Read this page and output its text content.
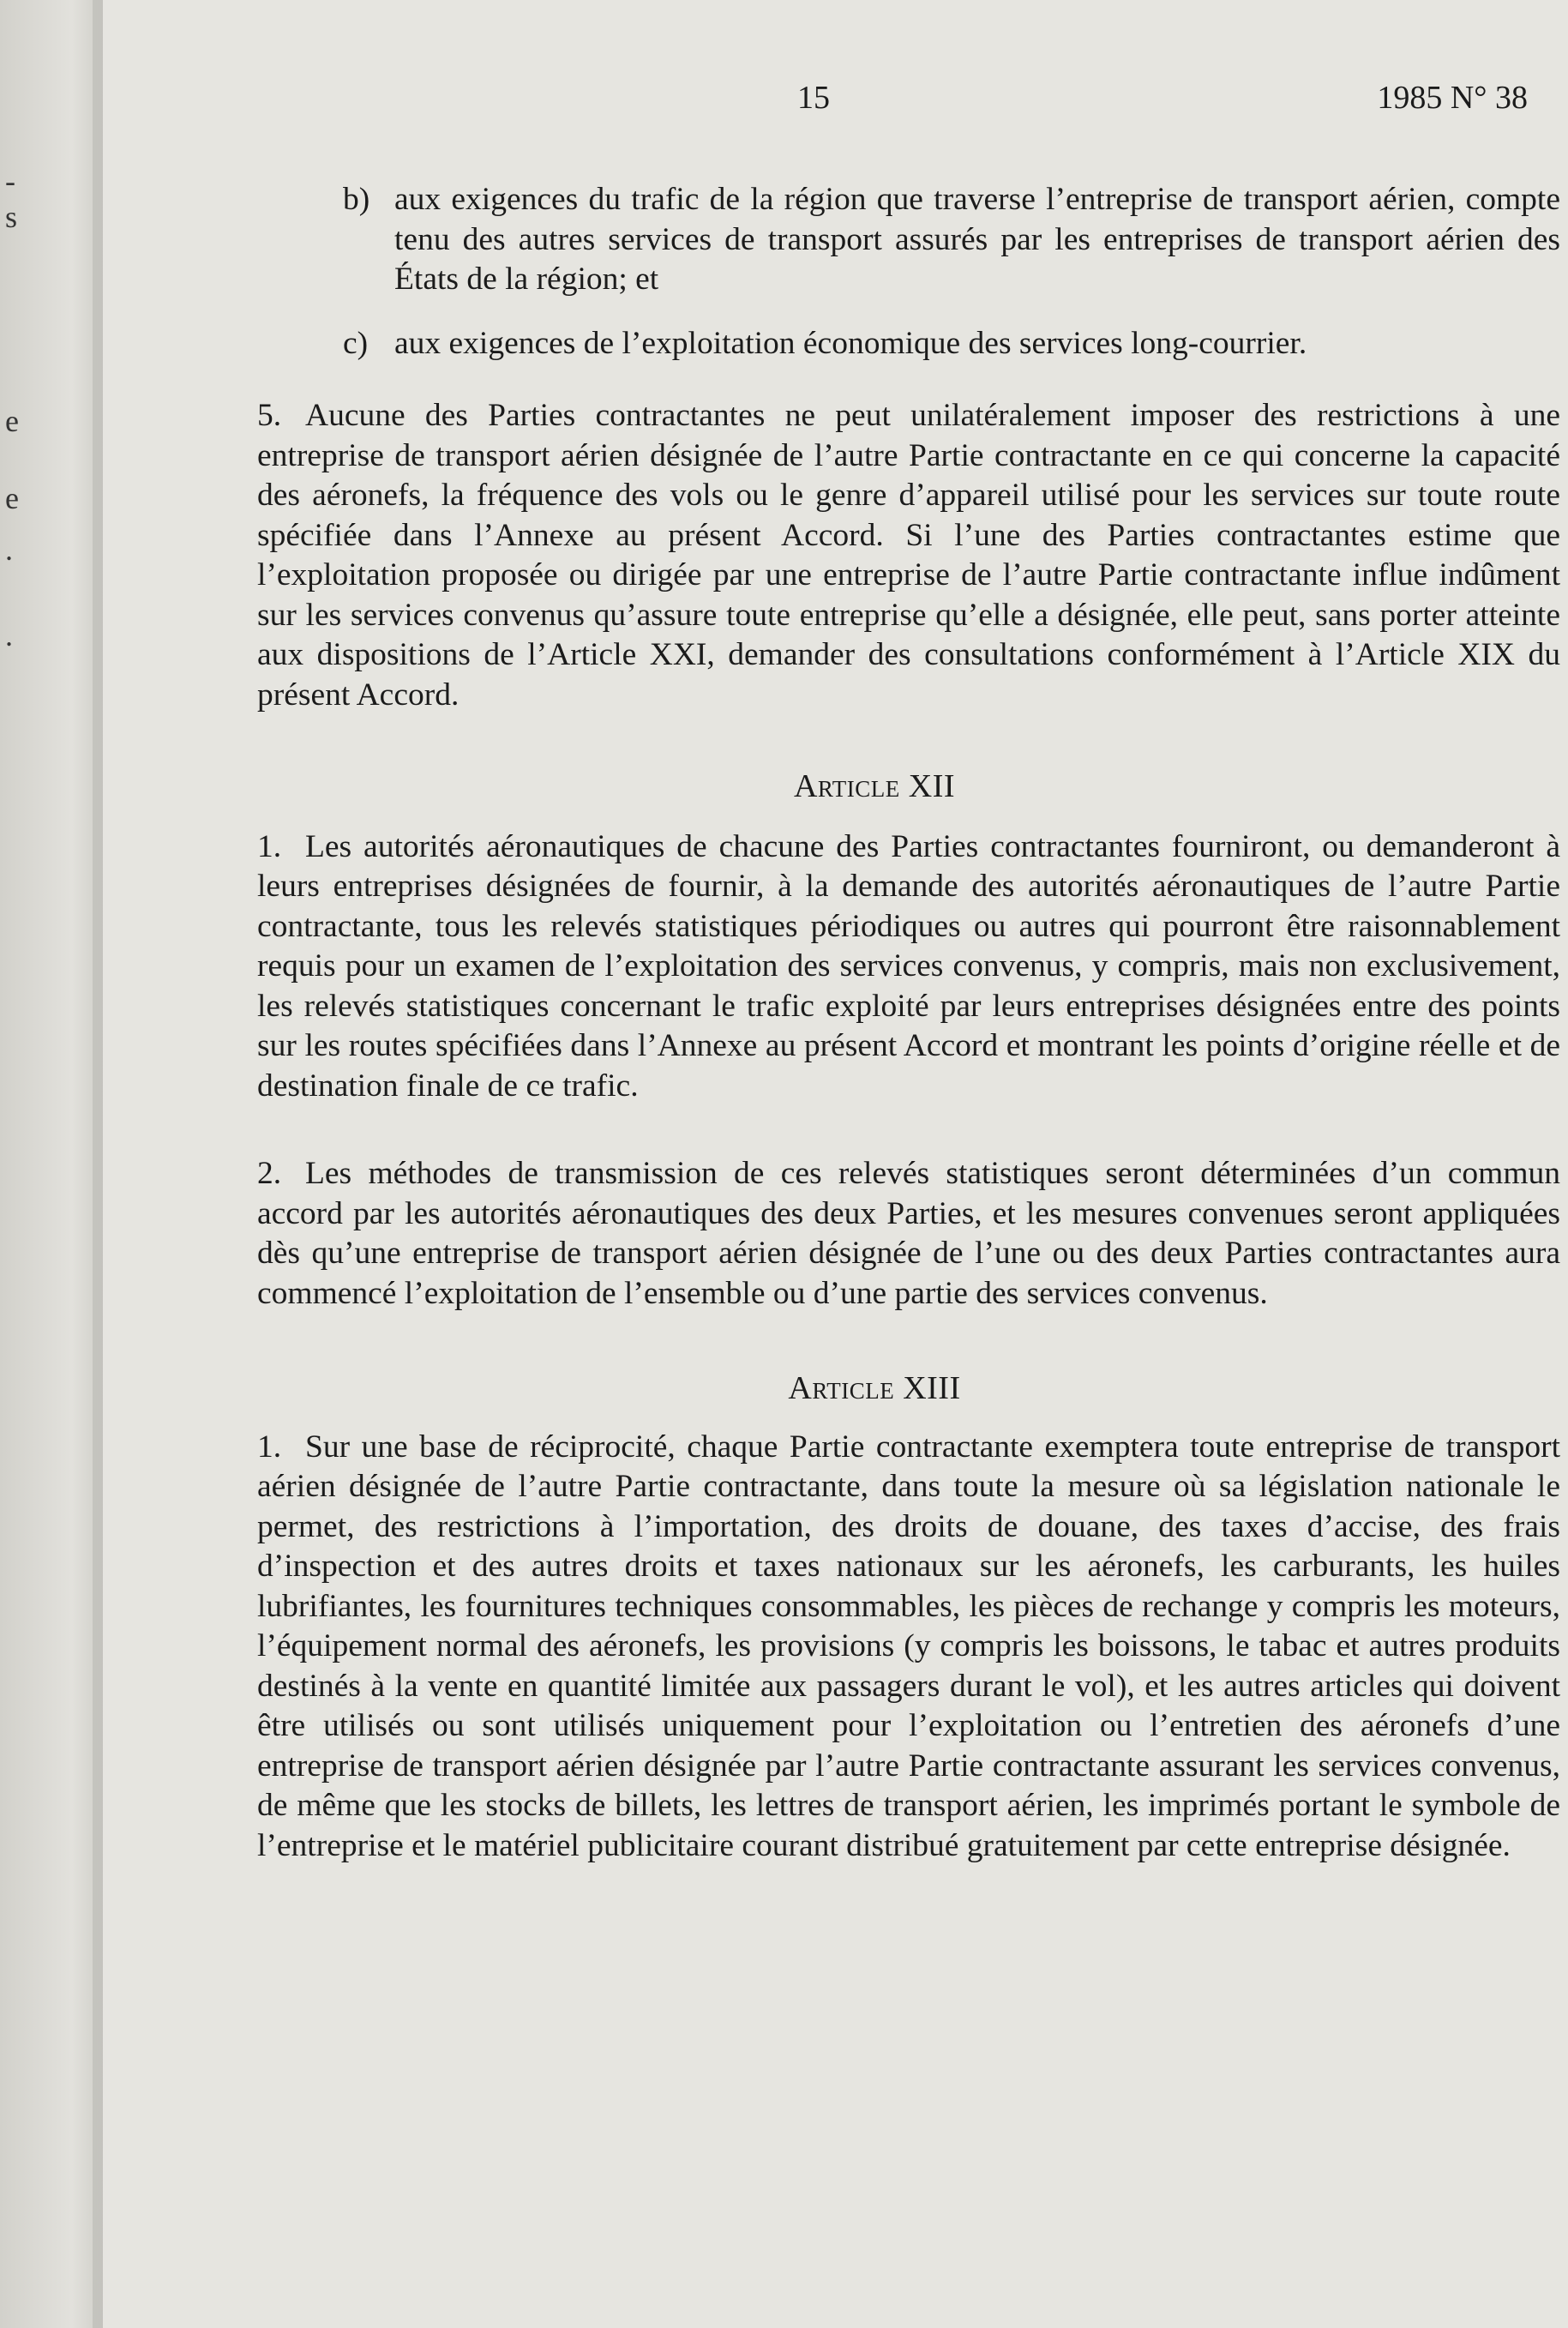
-
s
e
e
.
.
15	1985 N° 38
b) aux exigences du trafic de la région que traverse l’entreprise de transport aérien, compte tenu des autres services de transport assurés par les entreprises de transport aérien des États de la région; et
c) aux exigences de l’exploitation économique des services long-courrier.

5. Aucune des Parties contractantes ne peut unilatéralement imposer des restrictions à une entreprise de transport aérien désignée de l’autre Partie contractante en ce qui concerne la capacité des aéronefs, la fréquence des vols ou le genre d’appareil utilisé pour les services sur toute route spécifiée dans l’Annexe au présent Accord. Si l’une des Parties contractantes estime que l’exploitation proposée ou dirigée par une entreprise de l’autre Partie contractante influe indûment sur les services convenus qu’assure toute entreprise qu’elle a désignée, elle peut, sans porter atteinte aux dispositions de l’Article XXI, demander des consultations conformément à l’Article XIX du présent Accord.

Article XII

1. Les autorités aéronautiques de chacune des Parties contractantes fourniront, ou demanderont à leurs entreprises désignées de fournir, à la demande des autorités aéronautiques de l’autre Partie contractante, tous les relevés statistiques périodiques ou autres qui pourront être raisonnablement requis pour un examen de l’exploitation des services convenus, y compris, mais non exclusivement, les relevés statistiques concernant le trafic exploité par leurs entreprises désignées entre des points sur les routes spécifiées dans l’Annexe au présent Accord et montrant les points d’origine réelle et de destination finale de ce trafic.

2. Les méthodes de transmission de ces relevés statistiques seront déterminées d’un commun accord par les autorités aéronautiques des deux Parties, et les mesures convenues seront appliquées dès qu’une entreprise de transport aérien désignée de l’une ou des deux Parties contractantes aura commencé l’exploitation de l’ensemble ou d’une partie des services convenus.

Article XIII

1. Sur une base de réciprocité, chaque Partie contractante exemptera toute entreprise de transport aérien désignée de l’autre Partie contractante, dans toute la mesure où sa législation nationale le permet, des restrictions à l’importation, des droits de douane, des taxes d’accise, des frais d’inspection et des autres droits et taxes nationaux sur les aéronefs, les carburants, les huiles lubrifiantes, les fournitures techniques consommables, les pièces de rechange y compris les moteurs, l’équipement normal des aéronefs, les provisions (y compris les boissons, le tabac et autres produits destinés à la vente en quantité limitée aux passagers durant le vol), et les autres articles qui doivent être utilisés ou sont utilisés uniquement pour l’exploitation ou l’entretien des aéronefs d’une entreprise de transport aérien désignée par l’autre Partie contractante assurant les services convenus, de même que les stocks de billets, les lettres de transport aérien, les imprimés portant le symbole de l’entreprise et le matériel publicitaire courant distribué gratuitement par cette entreprise désignée.
